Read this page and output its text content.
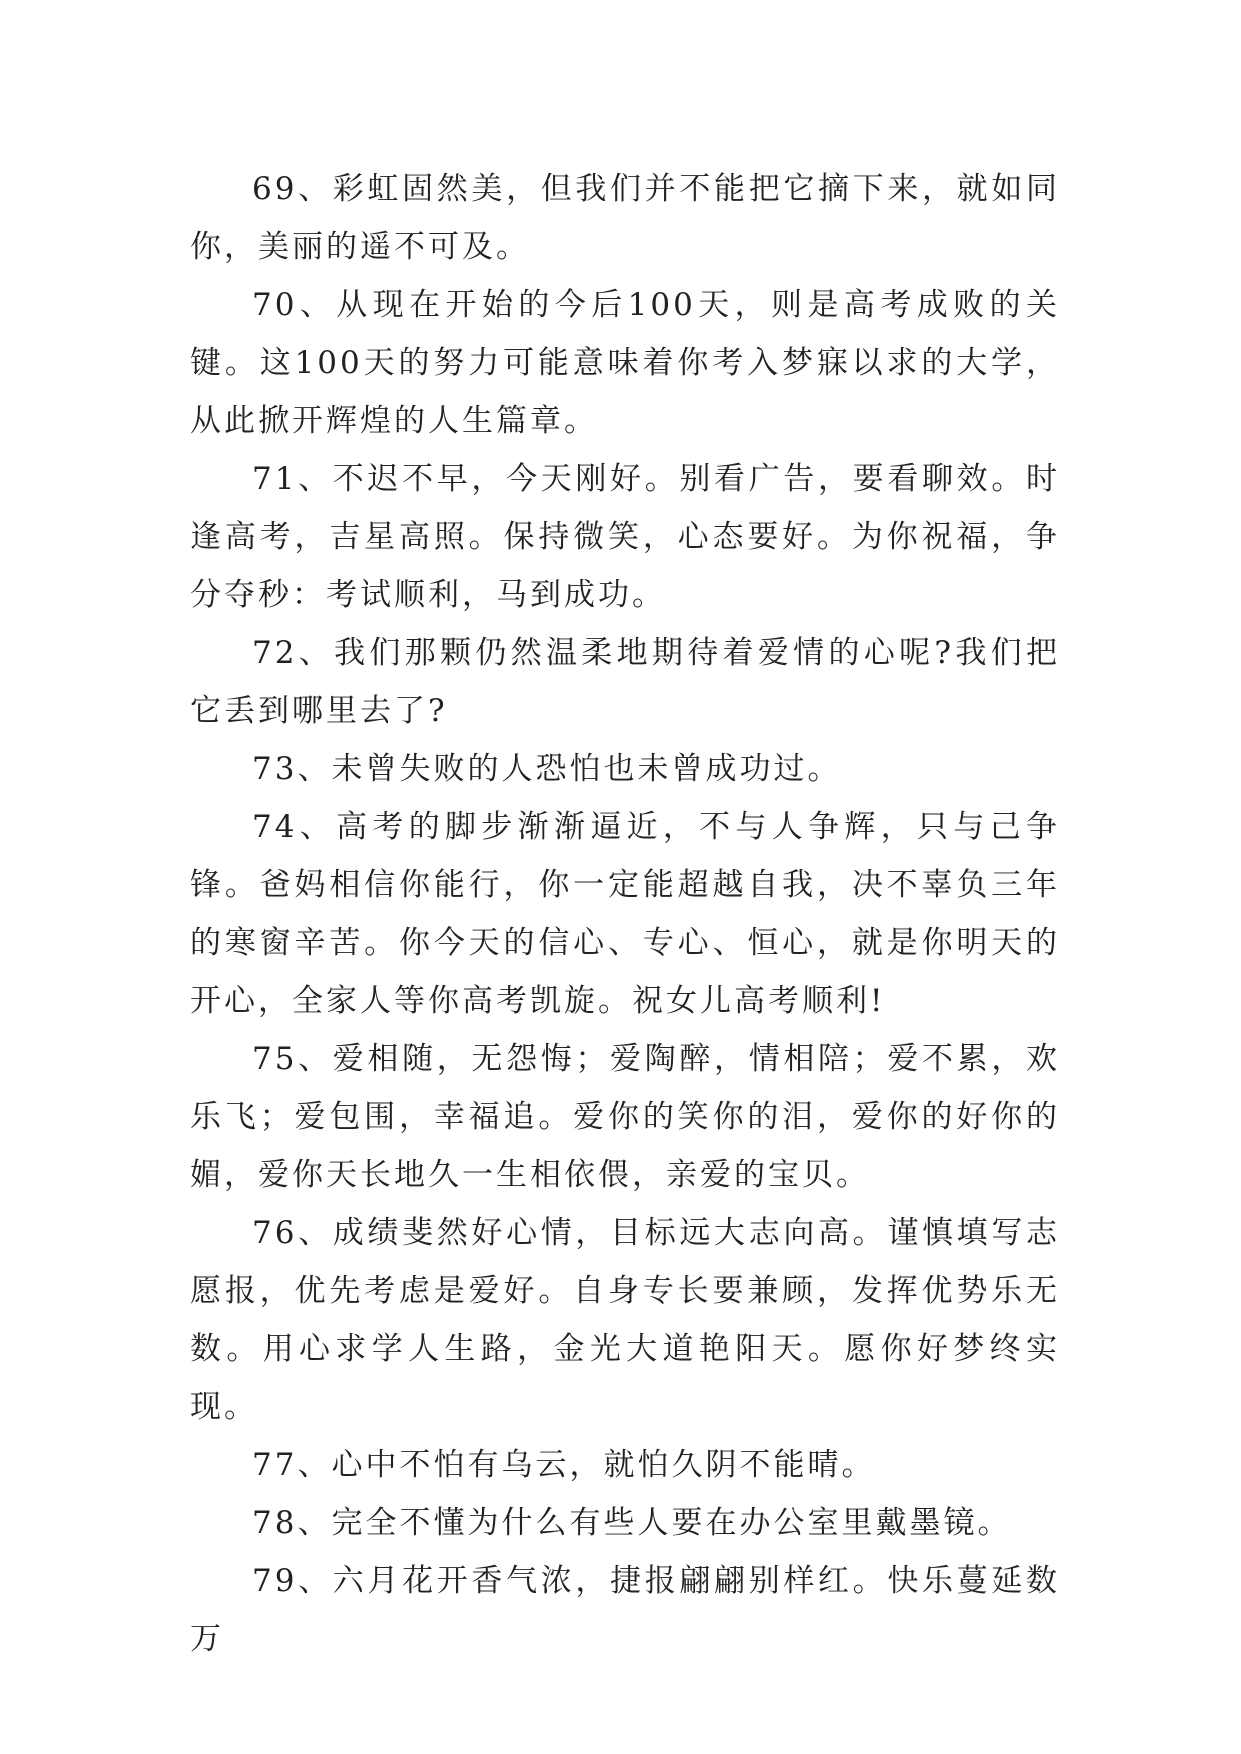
69、彩虹固然美，但我们并不能把它摘下来，就如同你，美丽的遥不可及。

70、从现在开始的今后100天，则是高考成败的关键。这100天的努力可能意味着你考入梦寐以求的大学，从此掀开辉煌的人生篇章。

71、不迟不早，今天刚好。别看广告，要看聊效。时逢高考，吉星高照。保持微笑，心态要好。为你祝福，争分夺秒：考试顺利，马到成功。

72、我们那颗仍然温柔地期待着爱情的心呢?我们把它丢到哪里去了?

73、未曾失败的人恐怕也未曾成功过。

74、高考的脚步渐渐逼近，不与人争辉，只与己争锋。爸妈相信你能行，你一定能超越自我，决不辜负三年的寒窗辛苦。你今天的信心、专心、恒心，就是你明天的开心，全家人等你高考凯旋。祝女儿高考顺利!

75、爱相随，无怨悔；爱陶醉，情相陪；爱不累，欢乐飞；爱包围，幸福追。爱你的笑你的泪，爱你的好你的媚，爱你天长地久一生相依偎，亲爱的宝贝。

76、成绩斐然好心情，目标远大志向高。谨慎填写志愿报，优先考虑是爱好。自身专长要兼顾，发挥优势乐无数。用心求学人生路，金光大道艳阳天。愿你好梦终实现。

77、心中不怕有乌云，就怕久阴不能晴。

78、完全不懂为什么有些人要在办公室里戴墨镜。

79、六月花开香气浓，捷报翩翩别样红。快乐蔓延数万
